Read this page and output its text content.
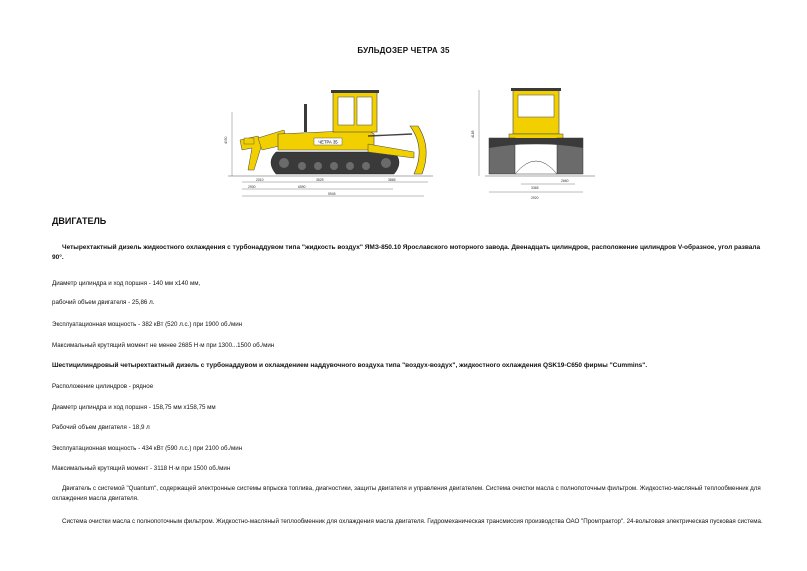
БУЛЬДОЗЕР ЧЕТРА 35
ЧЕТРА 35
4050
2010	3525	3865
2900	6590
5945
4185
2660
3365
2920
ДВИГАТЕЛЬ
Четырехтактный дизель жидкостного охлаждения с турбонаддувом типа "жидкость воздух" ЯМЗ-850.10 Ярославского моторного завода. Двенадцать цилиндров, расположение цилиндров V-образное, угол развала 90°.
Диаметр цилиндра и ход поршня - 140 мм х140 мм,
рабочий объем двигателя - 25,86 л.
Эксплуатационная мощность - 382 кВт (520 л.с.) при 1900 об./мин
Максимальный крутящий момент не менее 2685 Н·м при 1300...1500 об./мин
Шестицилиндровый четырехтактный дизель с турбонаддувом и охлаждением наддувочного воздуха типа "воздух-воздух", жидкостного охлаждения QSK19-C650 фирмы "Cummins".
Расположение цилиндров - рядное
Диаметр цилиндра и ход поршня - 158,75 мм х158,75 мм
Рабочий объем двигателя - 18,9 л
Эксплуатационная мощность - 434 кВт (590 л.с.) при 2100 об./мин
Максимальный крутящий момент - 3118 Н·м при 1500 об./мин
Двигатель с системой "Quantum", содержащей электронные системы впрыска топлива, диагностики, защиты двигателя и управления двигателем. Система очистки масла с полнопоточным фильтром. Жидкостно-масляный теплообменник для охлаждения масла двигателя.
Система очистки масла с полнопоточным фильтром. Жидкостно-масляный теплообменник для охлаждения масла двигателя. Гидромеханическая трансмиссия производства ОАО "Промтрактор". 24-вольтовая электрическая пусковая система.
